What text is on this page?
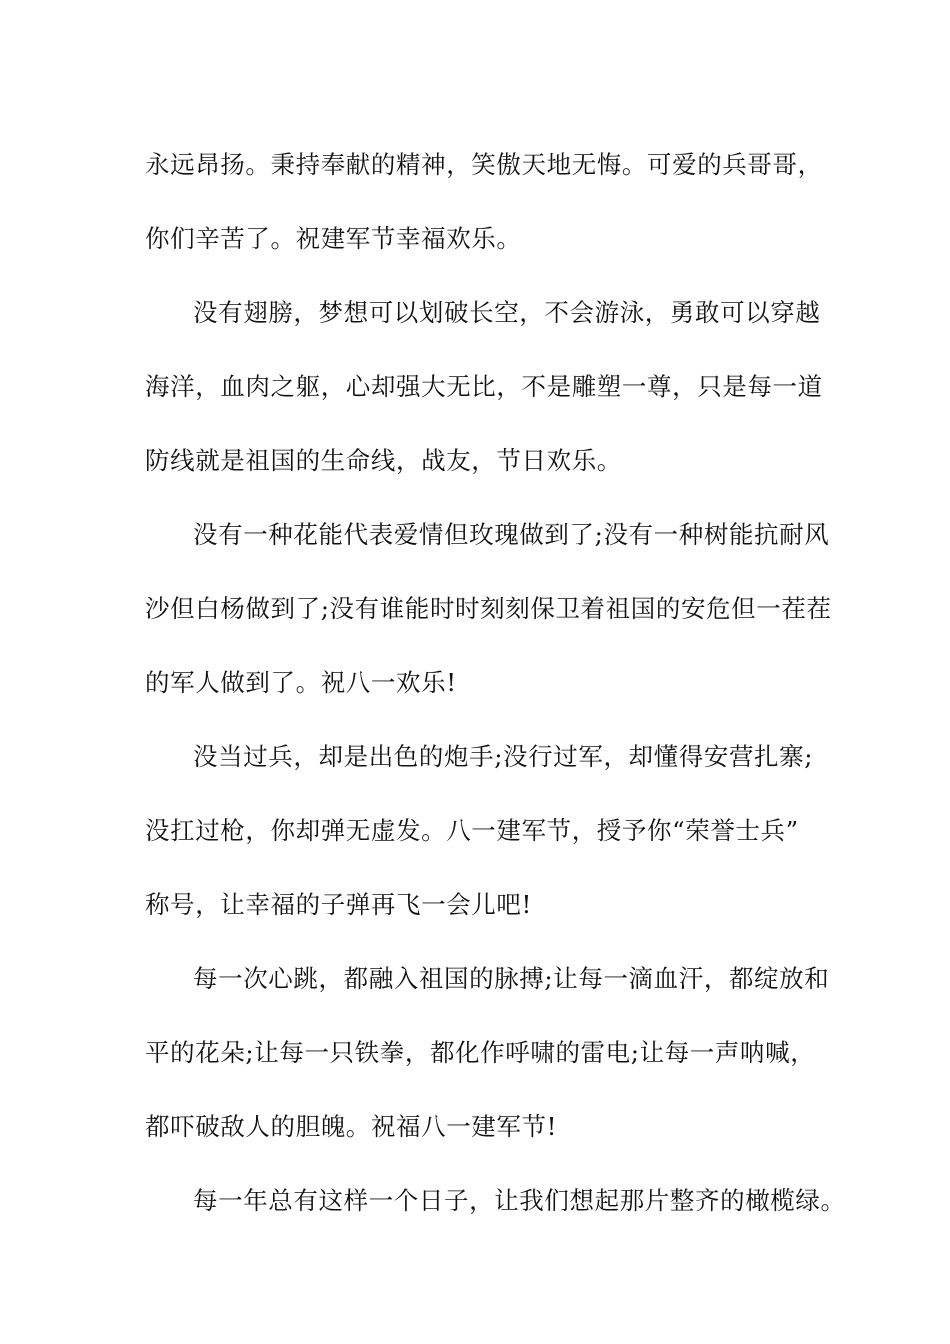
永远昂扬。秉持奉献的精神，笑傲天地无悔。可爱的兵哥哥，
你们辛苦了。祝建军节幸福欢乐。

没有翅膀，梦想可以划破长空，不会游泳，勇敢可以穿越
海洋，血肉之躯，心却强大无比，不是雕塑一尊，只是每一道
防线就是祖国的生命线，战友，节日欢乐。

没有一种花能代表爱情但玫瑰做到了;没有一种树能抗耐风
沙但白杨做到了;没有谁能时时刻刻保卫着祖国的安危但一茬茬
的军人做到了。祝八一欢乐!

没当过兵，却是出色的炮手;没行过军，却懂得安营扎寨;
没扛过枪，你却弹无虚发。八一建军节，授予你“荣誉士兵”
称号，让幸福的子弹再飞一会儿吧!

每一次心跳，都融入祖国的脉搏;让每一滴血汗，都绽放和
平的花朵;让每一只铁拳，都化作呼啸的雷电;让每一声呐喊，
都吓破敌人的胆魄。祝福八一建军节!

每一年总有这样一个日子，让我们想起那片整齐的橄榄绿。
